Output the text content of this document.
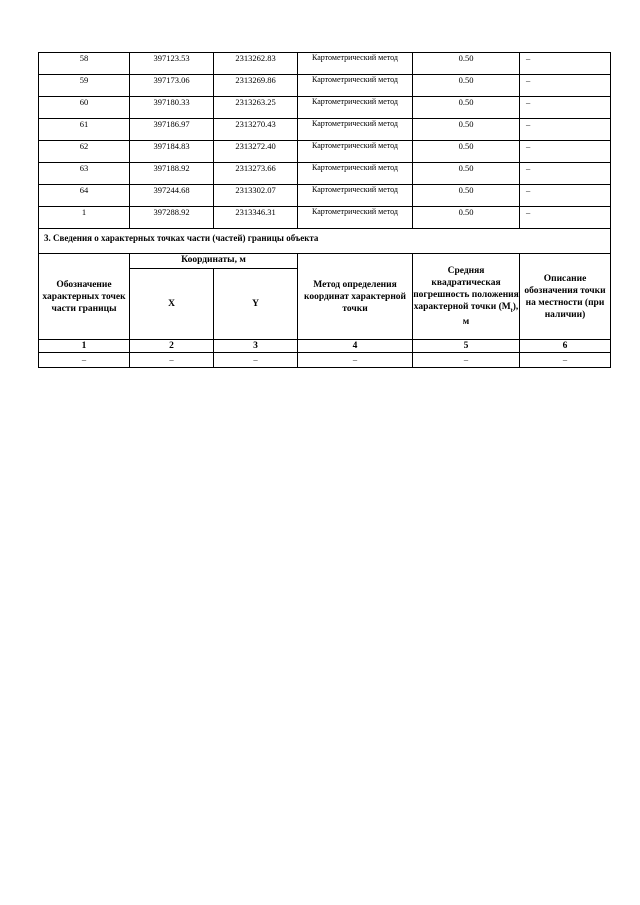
58	397123.53	2313262.83	Картометрический метод	0.50	–
59	397173.06	2313269.86	Картометрический метод	0.50	–
60	397180.33	2313263.25	Картометрический метод	0.50	–
61	397186.97	2313270.43	Картометрический метод	0.50	–
62	397184.83	2313272.40	Картометрический метод	0.50	–
63	397188.92	2313273.66	Картометрический метод	0.50	–
64	397244.68	2313302.07	Картометрический метод	0.50	–
1	397288.92	2313346.31	Картометрический метод	0.50	–
3. Сведения о характерных точках части (частей) границы объекта					
Обозначение характерных точек части границы	Координаты, м		Метод определения координат характерной точки	Средняя квадратическая погрешность положения характерной точки $(M_t)$, м	Описание обозначения точки на местности (при наличии)
	X	Y			
1	2	3	4	5	6
–	–	–	–	–	–
